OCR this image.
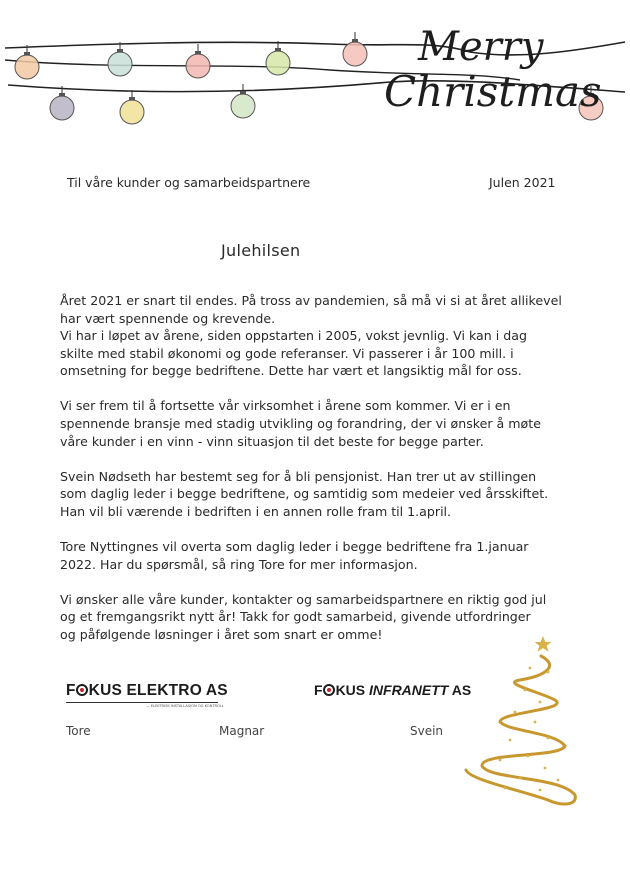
Merry
Christmas
Til våre kunder og samarbeidspartnere	Julen 2021
Julehilsen

Året 2021 er snart til endes. På tross av pandemien, så må vi si at året allikevel
har vært spennende og krevende.
Vi har i løpet av årene, siden oppstarten i 2005, vokst jevnlig. Vi kan i dag
skilte med stabil økonomi og gode referanser. Vi passerer i år 100 mill. i
omsetning for begge bedriftene. Dette har vært et langsiktig mål for oss.

Vi ser frem til å fortsette vår virksomhet i årene som kommer. Vi er i en
spennende bransje med stadig utvikling og forandring, der vi ønsker å møte
våre kunder i en vinn - vinn situasjon til det beste for begge parter.

Svein Nødseth har bestemt seg for å bli pensjonist. Han trer ut av stillingen
som daglig leder i begge bedriftene, og samtidig som medeier ved årsskiftet.
Han vil bli værende i bedriften i en annen rolle fram til 1.april.

Tore Nyttingnes vil overta som daglig leder i begge bedriftene fra 1.januar
2022. Har du spørsmål, så ring Tore for mer informasjon.

Vi ønsker alle våre kunder, kontakter og samarbeidspartnere en riktig god jul
og et fremgangsrikt nytt år! Takk for godt samarbeid, givende utfordringer
og påfølgende løsninger i året som snart er omme!

F KUS ELEKTRO AS
— ELEKTRISK INSTALLASJON OG KONTROLL
F KUS INFRANETT AS
Tore	Magnar	Svein
